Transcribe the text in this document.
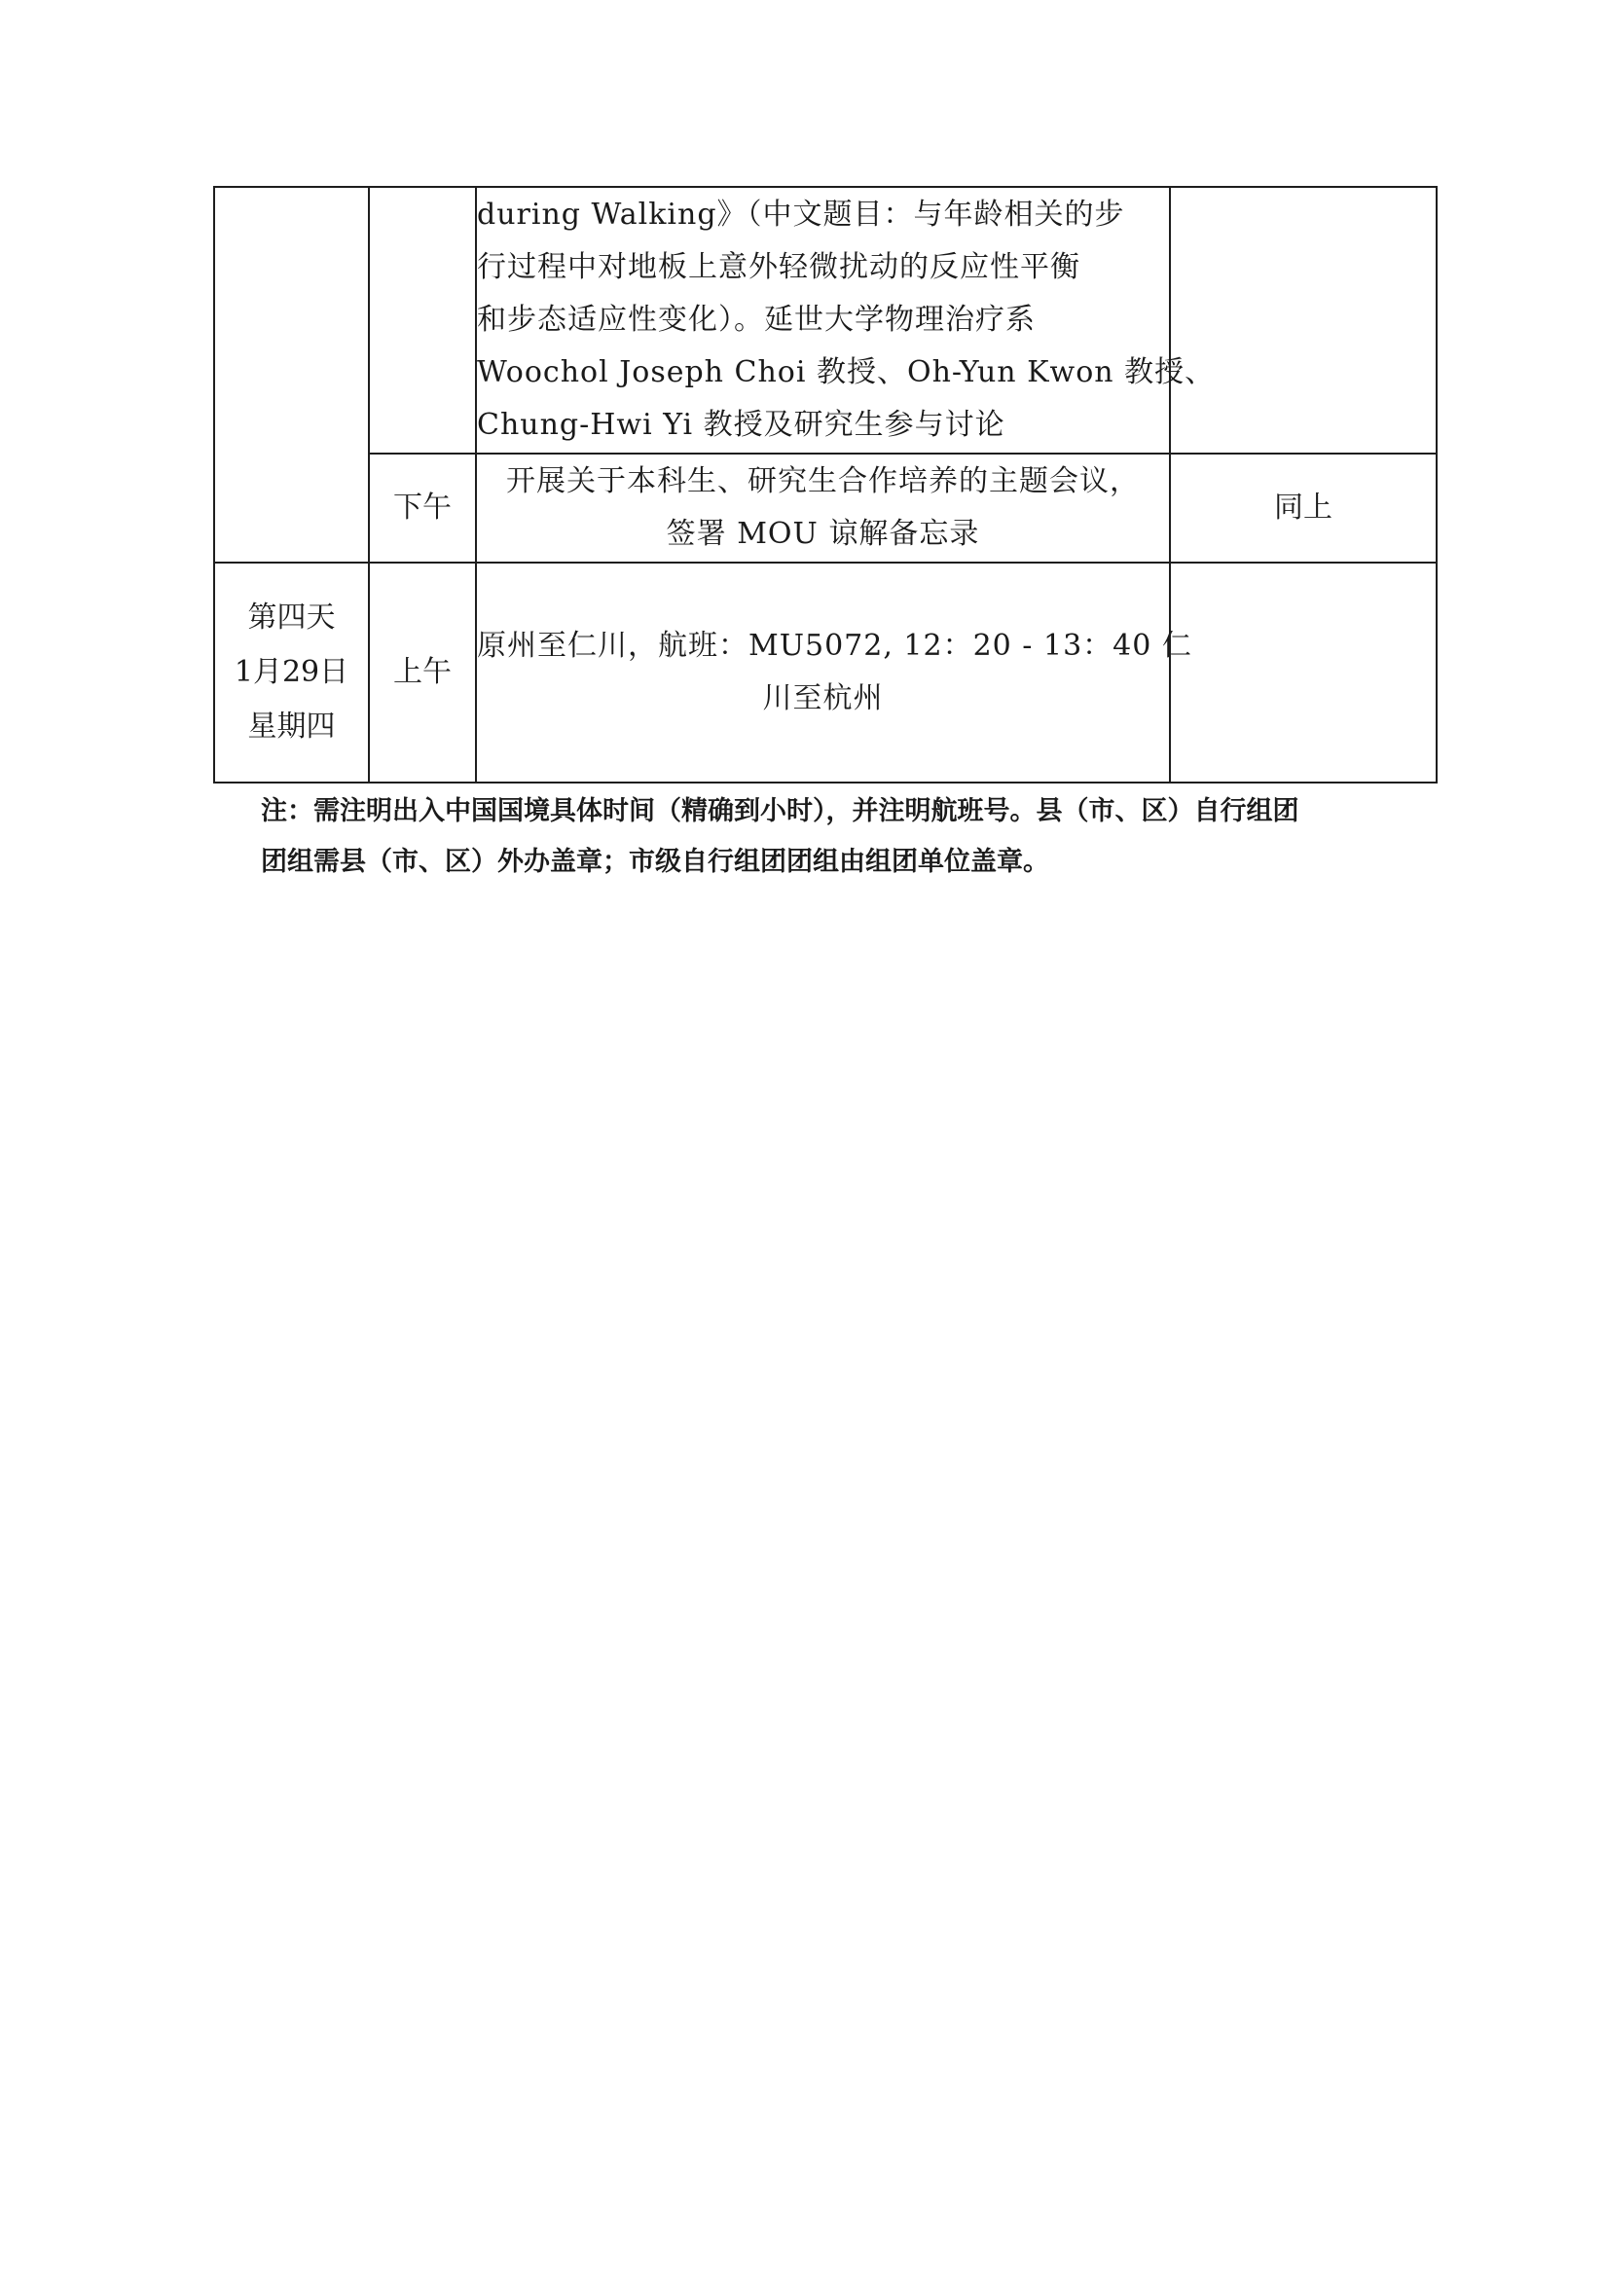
		during Walking》（中文题目：与年龄相关的步
行过程中对地板上意外轻微扰动的反应性平衡
和步态适应性变化）。延世大学物理治疗系
Woochol Joseph Choi 教授、Oh-Yun Kwon 教授、
Chung-Hwi Yi 教授及研究生参与讨论	

	下午	开展关于本科生、研究生合作培养的主题会议，
签署 MOU 谅解备忘录	同上

第四天
1月29日
星期四	上午	原州至仁川，航班：MU5072, 12：20 - 13：40 仁
川至杭州	

注：需注明出入中国国境具体时间（精确到小时），并注明航班号。县（市、区）自行组团
团组需县（市、区）外办盖章；市级自行组团团组由组团单位盖章。
